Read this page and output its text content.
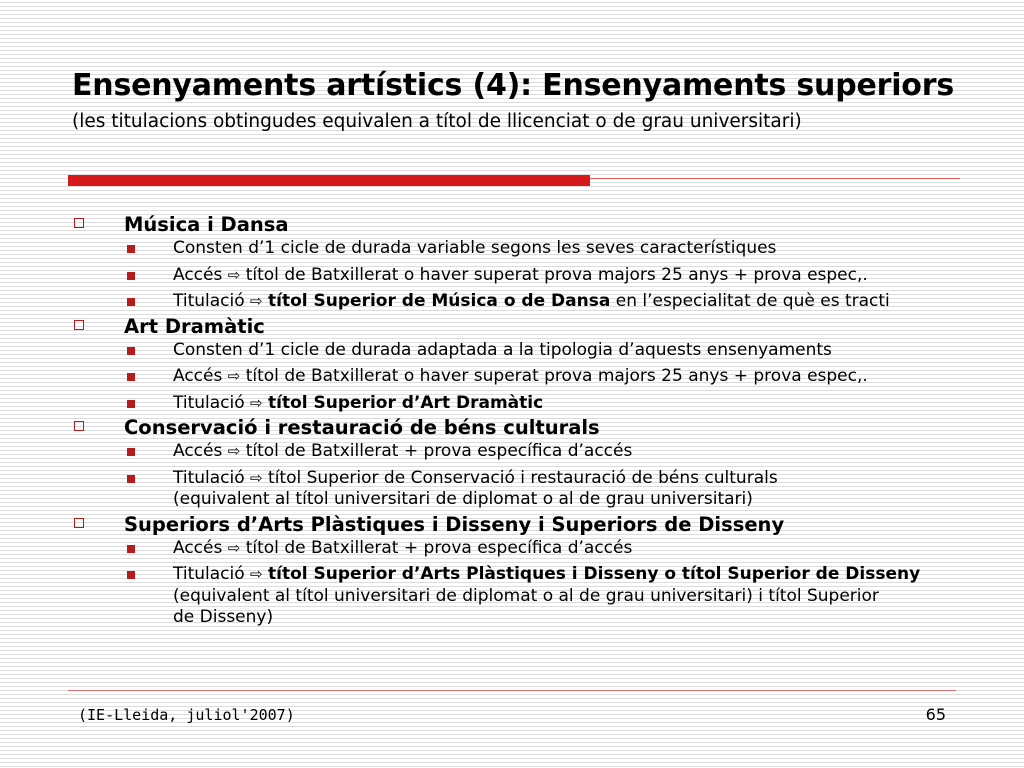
Ensenyaments artístics (4): Ensenyaments superiors
(les titulacions obtingudes equivalen a títol de llicenciat o de grau universitari)
Música i Dansa
Consten d’1 cicle de durada variable segons les seves característiques
Accés ⇨ títol de Batxillerat o haver superat prova majors 25 anys + prova espec,.
Titulació ⇨ títol Superior de Música o de Dansa en l’especialitat de què es tracti
Art Dramàtic
Consten d’1 cicle de durada adaptada a la tipologia d’aquests ensenyaments
Accés ⇨ títol de Batxillerat o haver superat prova majors 25 anys + prova espec,.
Titulació ⇨ títol Superior d’Art Dramàtic
Conservació i restauració de béns culturals
Accés ⇨ títol de Batxillerat + prova específica d’accés
Titulació ⇨ títol Superior de Conservació i restauració de béns culturals
(equivalent al títol universitari de diplomat o al de grau universitari)
Superiors d’Arts Plàstiques i Disseny i Superiors de Disseny
Accés ⇨ títol de Batxillerat + prova específica d’accés
Titulació ⇨ títol Superior d’Arts Plàstiques i Disseny o títol Superior de Disseny
(equivalent al títol universitari de diplomat o al de grau universitari) i títol Superior
de Disseny)
(IE-Lleida, juliol'2007)	65
